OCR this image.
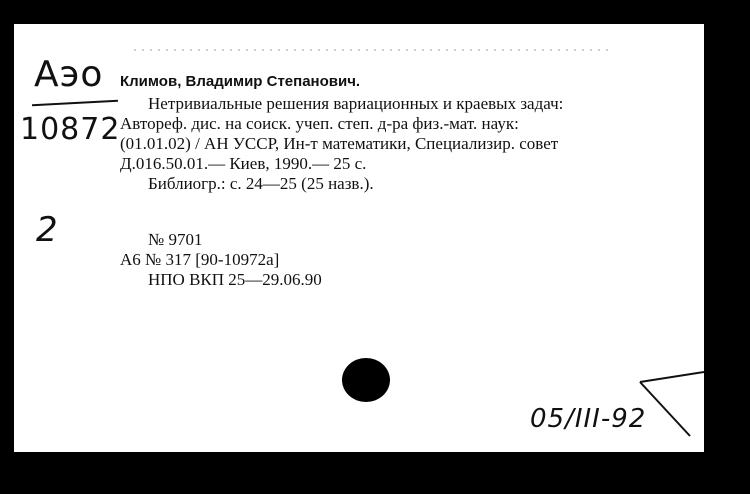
Aэо
10872
2
Климов, Владимир Степанович.
Нетривиальные решения вариационных и краевых задач:
Автореф. дис. на соиск. учеп. степ. д-ра физ.-мат. наук:
(01.01.02) / АН УССР, Ин-т математики, Специализир. совет
Д.016.50.01.— Киев, 1990.— 25 с.
Библиогр.: с. 24—25 (25 назв.).
№ 9701
А6 № 317 [90-10972а]
НПО ВКП 25—29.06.90
05/III-92
